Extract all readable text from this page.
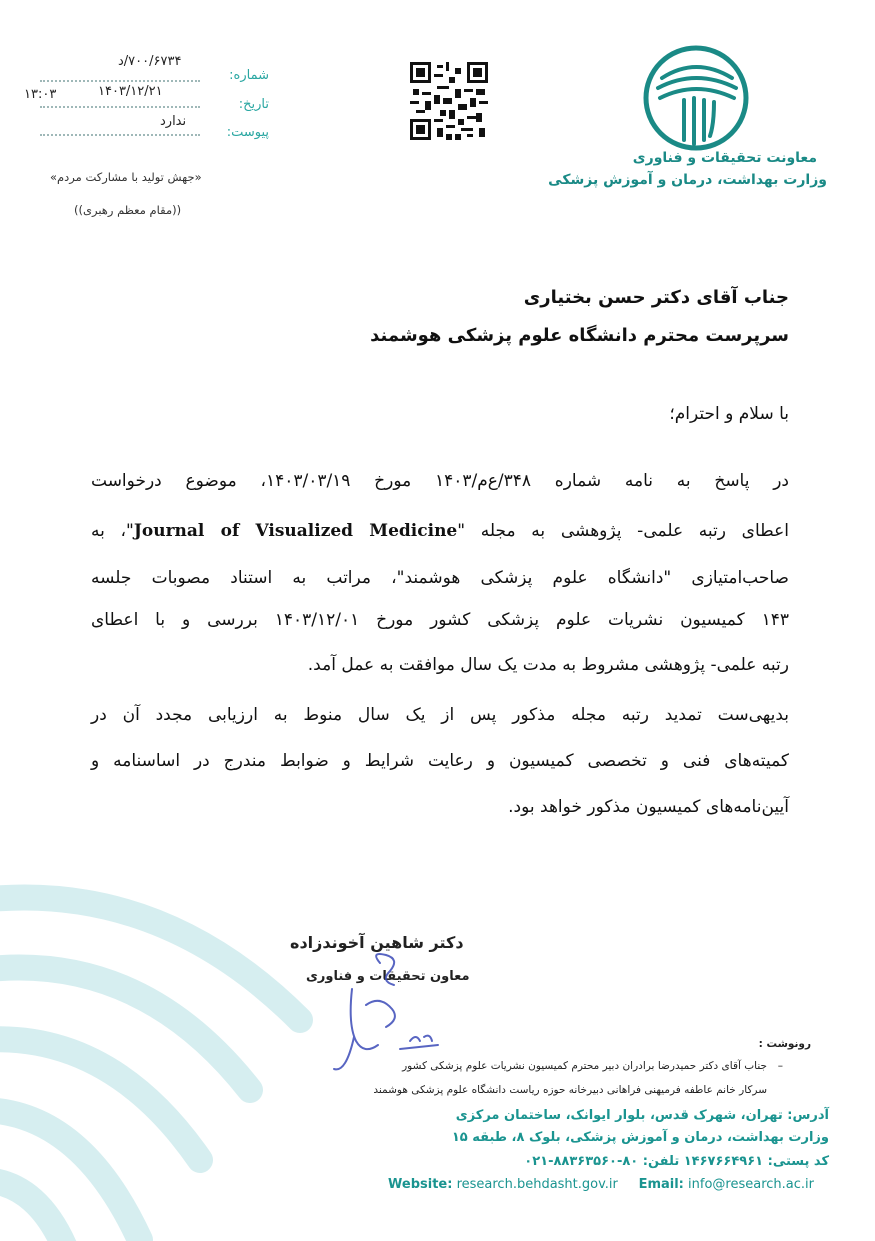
معاونت تحقیقات و فناوری
وزارت بهداشت، درمان و آموزش پزشکی
شماره:
۷۰۰/۶۷۳۴/د
تاریخ:
۱۴۰۳/۱۲/۲۱
۱۳:۰۳
پیوست:
ندارد
«جهش تولید با مشارکت مردم»
((مقام معظم رهبری))
جناب آقای دکتر حسن بختیاری
سرپرست محترم دانشگاه علوم پزشکی هوشمند
با سلام و احترام؛
در پاسخ به نامه شماره ۳۴۸/ع‌م/۱۴۰۳ مورخ ۱۴۰۳/۰۳/۱۹، موضوع درخواست
اعطای رتبه علمی- پژوهشی به مجله "Journal of Visualized Medicine"، به
صاحب‌امتیازی "دانشگاه علوم پزشکی هوشمند"، مراتب به استناد مصوبات جلسه
۱۴۳ کمیسیون نشریات علوم پزشکی کشور مورخ ۱۴۰۳/۱۲/۰۱ بررسی و با اعطای
رتبه علمی- پژوهشی مشروط به مدت یک سال موافقت به عمل آمد.
بدیهی‌ست تمدید رتبه مجله مذکور پس از یک سال منوط به ارزیابی مجدد آن در
کمیته‌های فنی و تخصصی کمیسیون و رعایت شرایط و ضوابط مندرج در اساسنامه و
آیین‌نامه‌های کمیسیون مذکور خواهد بود.
دکتر شاهین آخوندزاده
معاون تحقیقات و فناوری
رونوشت :
جناب آقای دکتر حمیدرضا برادران دبیر محترم کمیسیون نشریات علوم پزشکی کشور –
سرکار خانم عاطفه فرمیهنی فراهانی دبیرخانه حوزه ریاست دانشگاه علوم پزشکی هوشمند
آدرس: تهران، شهرک قدس، بلوار ایوانک، ساختمان مرکزی
وزارت بهداشت، درمان و آموزش پزشکی، بلوک ۸، طبقه ۱۵
کد پستی: ۱۴۶۷۶۶۴۹۶۱ تلفن: ۸۰-۸۸۳۶۳۵۶۰-۰۲۱
Website: research.behdasht.gov.ir Email: info@research.ac.ir
